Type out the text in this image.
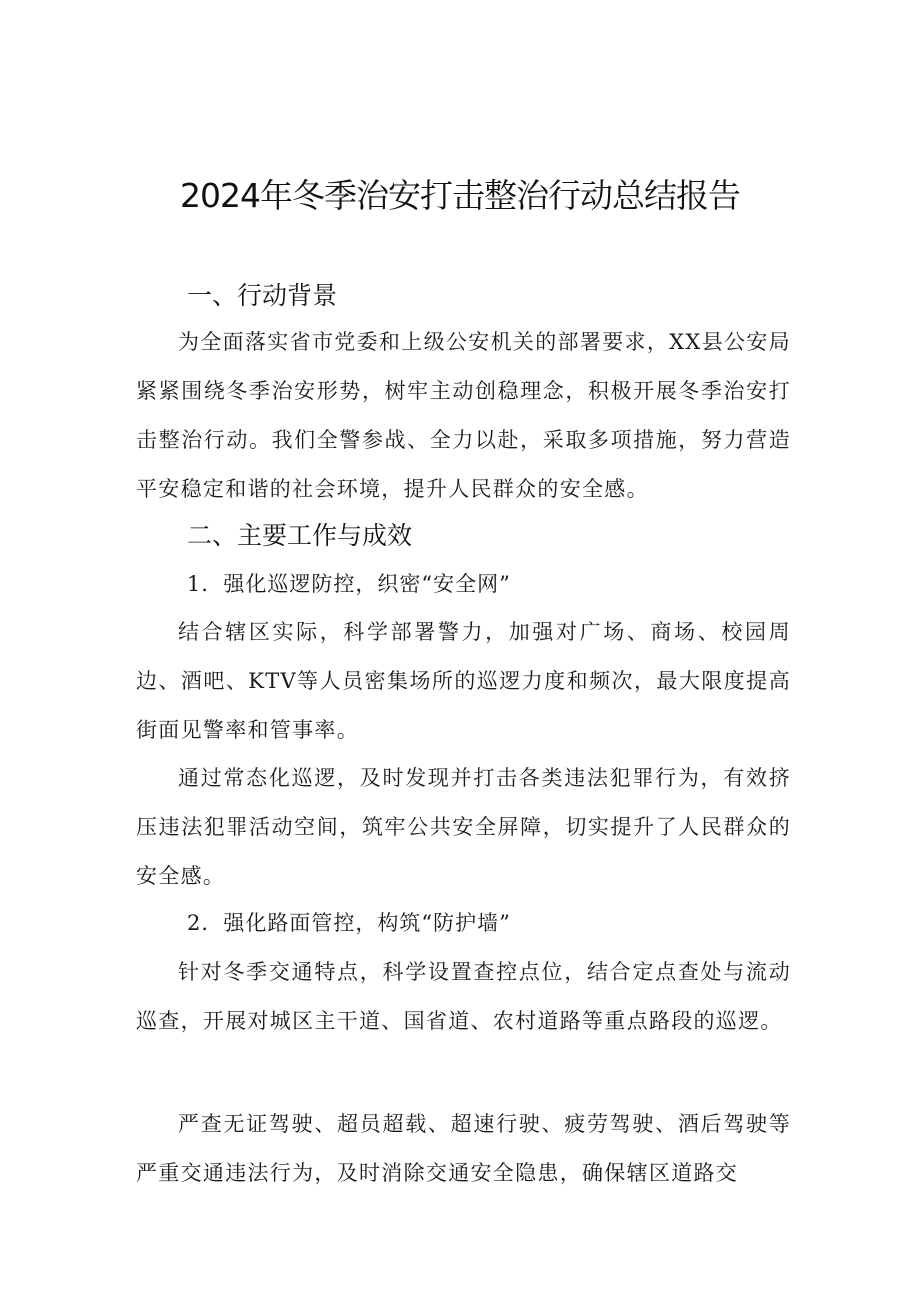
2024年冬季治安打击整治行动总结报告
一、行动背景

为全面落实省市党委和上级公安机关的部署要求，XX县公安局紧紧围绕冬季治安形势，树牢主动创稳理念，积极开展冬季治安打击整治行动。我们全警参战、全力以赴，采取多项措施，努力营造平安稳定和谐的社会环境，提升人民群众的安全感。

二、主要工作与成效

1．强化巡逻防控，织密“安全网”

结合辖区实际，科学部署警力，加强对广场、商场、校园周边、酒吧、KTV等人员密集场所的巡逻力度和频次，最大限度提高街面见警率和管事率。

通过常态化巡逻，及时发现并打击各类违法犯罪行为，有效挤压违法犯罪活动空间，筑牢公共安全屏障，切实提升了人民群众的安全感。

2．强化路面管控，构筑“防护墙”

针对冬季交通特点，科学设置查控点位，结合定点查处与流动巡查，开展对城区主干道、国省道、农村道路等重点路段的巡逻。

严查无证驾驶、超员超载、超速行驶、疲劳驾驶、酒后驾驶等严重交通违法行为，及时消除交通安全隐患，确保辖区道路交
